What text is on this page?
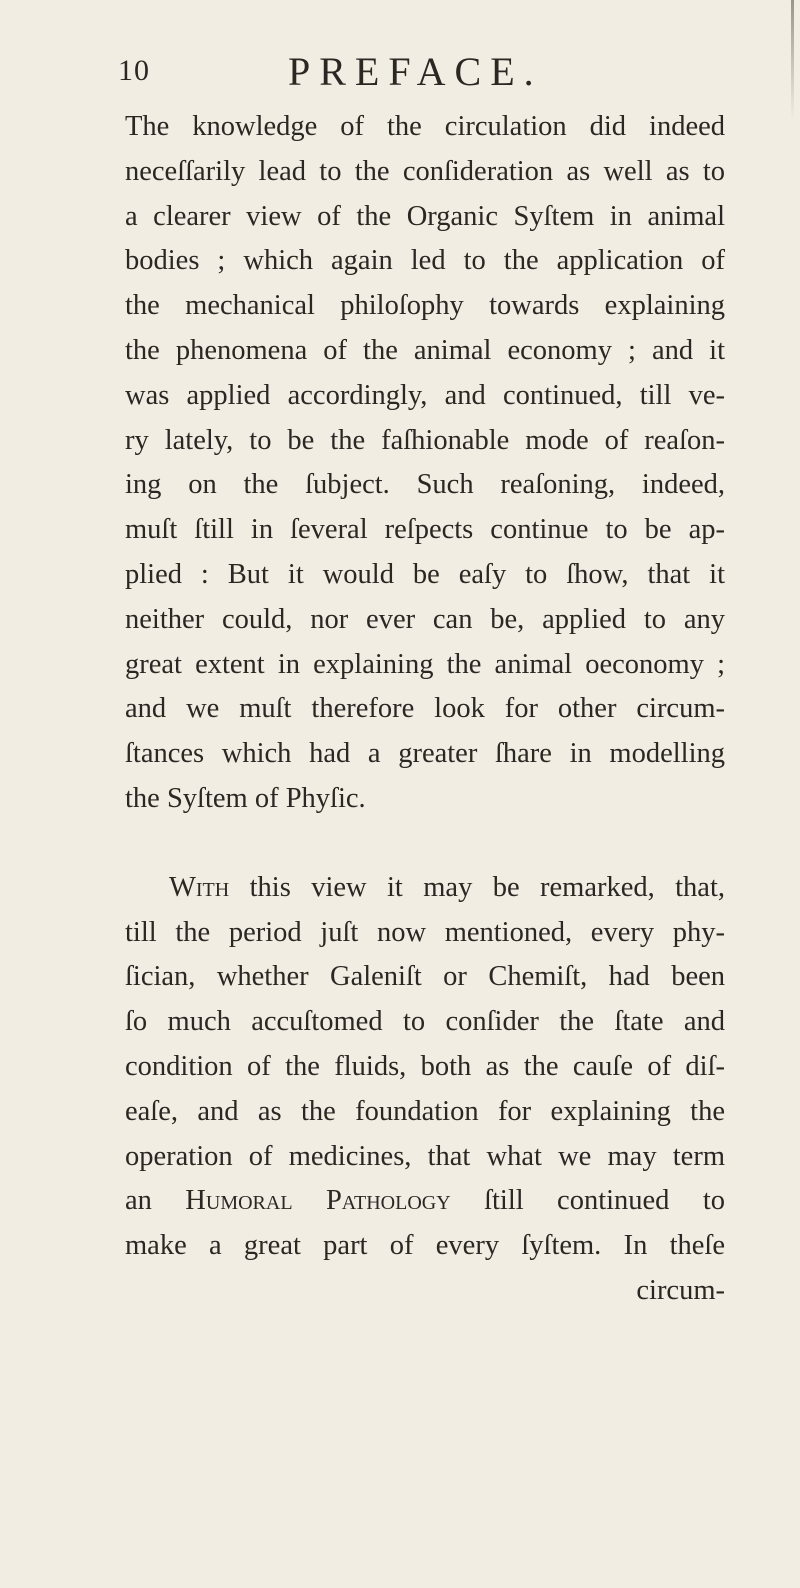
10	PREFACE.
The knowledge of the circulation did indeed
neceſſarily lead to the conſideration as well as to
a clearer view of the Organic Syſtem in animal
bodies ; which again led to the application of
the mechanical philoſophy towards explaining
the phenomena of the animal economy ; and it
was applied accordingly, and continued, till ve-
ry lately, to be the faſhionable mode of reaſon-
ing on the ſubject. Such reaſoning, indeed,
muſt ſtill in ſeveral reſpects continue to be ap-
plied : But it would be eaſy to ſhow, that it
neither could, nor ever can be, applied to any
great extent in explaining the animal oeconomy ;
and we muſt therefore look for other circum-
ſtances which had a greater ſhare in modelling
the Syſtem of Phyſic.
With this view it may be remarked, that,
till the period juſt now mentioned, every phy-
ſician, whether Galeniſt or Chemiſt, had been
ſo much accuſtomed to conſider the ſtate and
condition of the fluids, both as the cauſe of diſ-
eaſe, and as the foundation for explaining the
operation of medicines, that what we may term
an Humoral Pathology ſtill continued to
make a great part of every ſyſtem. In theſe
circum-
